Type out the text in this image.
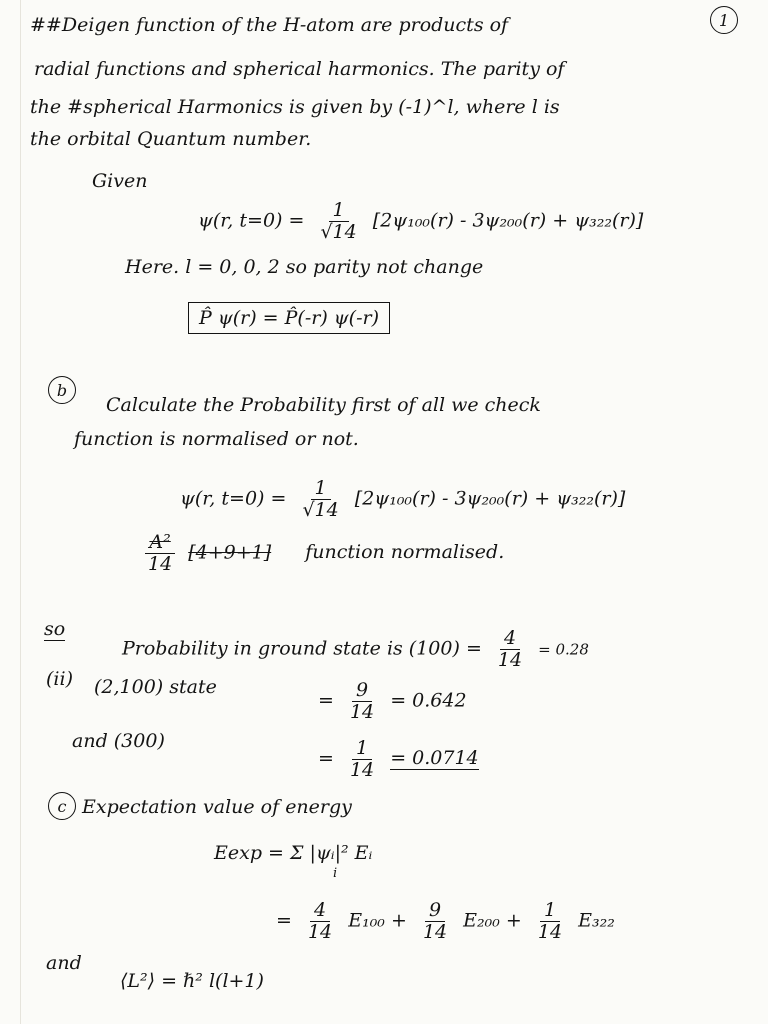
1
##Deigen function of the H-atom are products of
radial functions and spherical harmonics. The parity of
the #spherical Harmonics is given by (-1)^l, where l is
the orbital Quantum number.
Given
ψ(r, $t=0) = \frac{1}{√14} [2\psi_{100}(r) - 3\psi_{200}(r) + \psi_{322}(r)]$
Here. l = 0, 0, 2 so parity not change
P̂ ψ(r) = P̂(-r) ψ(-r)
b
Calculate the Probability first of all we check
function is normalised or not.
ψ(r, $t=0) = \frac{1}{√14} [2\psi_{100}(r) - 3\psi_{200}(r) + \psi_{322}(r)]$
$\frac{\text{A²}}{14} [4+9+1]$ function normalised.
so
Probability in ground state is $(100) = \frac{4}{14} = 0.28$
(ii) (2,100) state
= $\frac{9}{14} = 0.642$
and (300)
= $\frac{1}{14} = 0.0714$
c Expectation value of energy
Eexp = Σ |ψᵢ|² Eᵢ
i
= $\frac{4}{14} E_{100} + \frac{9}{14} E_{200} + \frac{1}{14} E_{322}$
and
⟨L²⟩ = ℏ² l(l+1)
